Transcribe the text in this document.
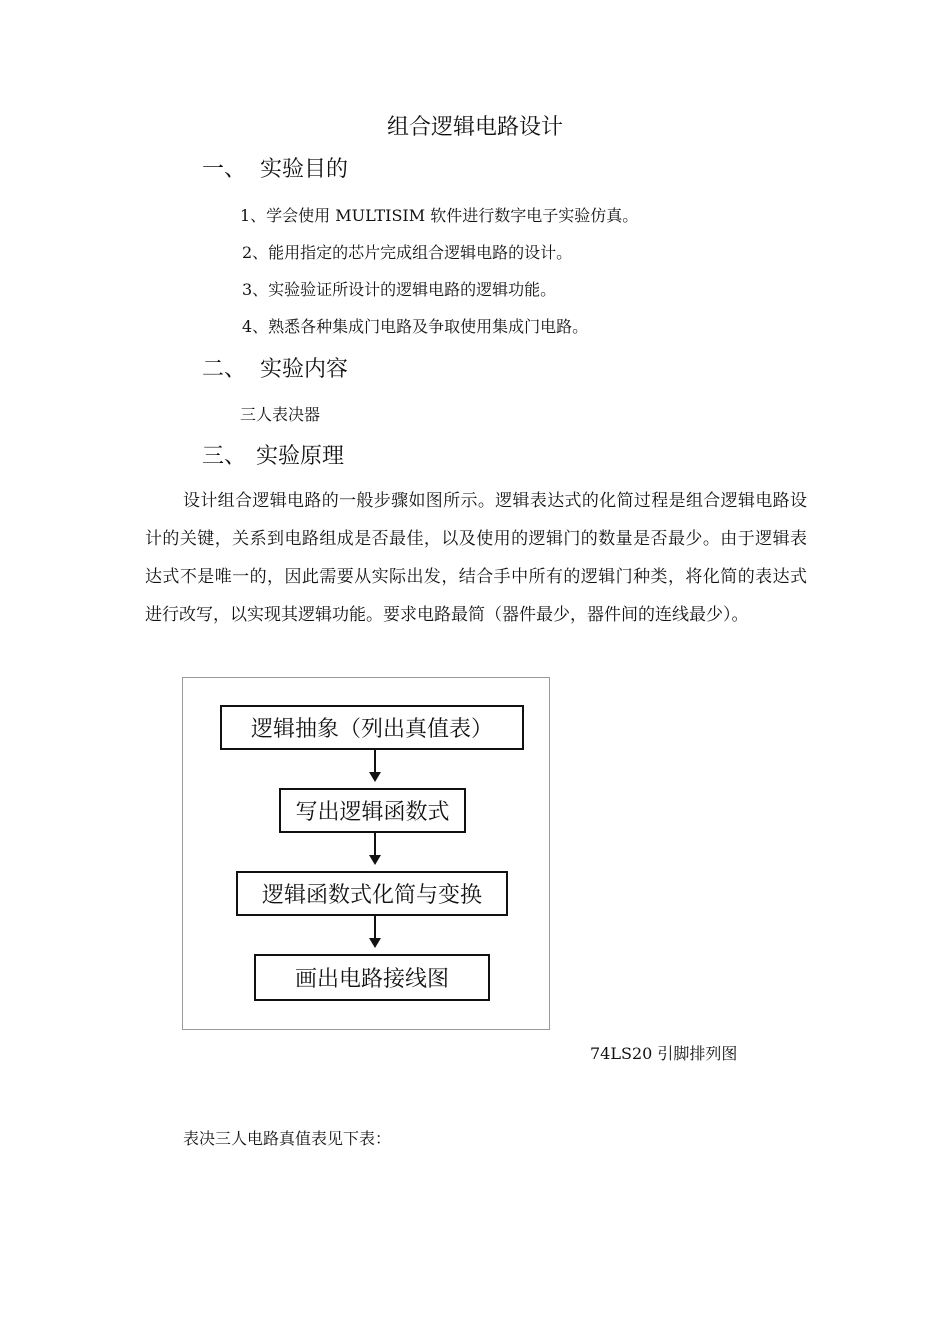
组合逻辑电路设计
一、 实验目的
1、学会使用 MULTISIM 软件进行数字电子实验仿真。
2、能用指定的芯片完成组合逻辑电路的设计。
3、实验验证所设计的逻辑电路的逻辑功能。
4、熟悉各种集成门电路及争取使用集成门电路。
二、 实验内容
三人表决器
三、 实验原理
设计组合逻辑电路的一般步骤如图所示。逻辑表达式的化简过程是组合逻辑电路设计的关键，关系到电路组成是否最佳，以及使用的逻辑门的数量是否最少。由于逻辑表达式不是唯一的，因此需要从实际出发，结合手中所有的逻辑门种类，将化简的表达式进行改写，以实现其逻辑功能。要求电路最简（器件最少，器件间的连线最少）。
逻辑抽象（列出真值表）
写出逻辑函数式
逻辑函数式化简与变换
画出电路接线图
74LS20 引脚排列图
表决三人电路真值表见下表：
